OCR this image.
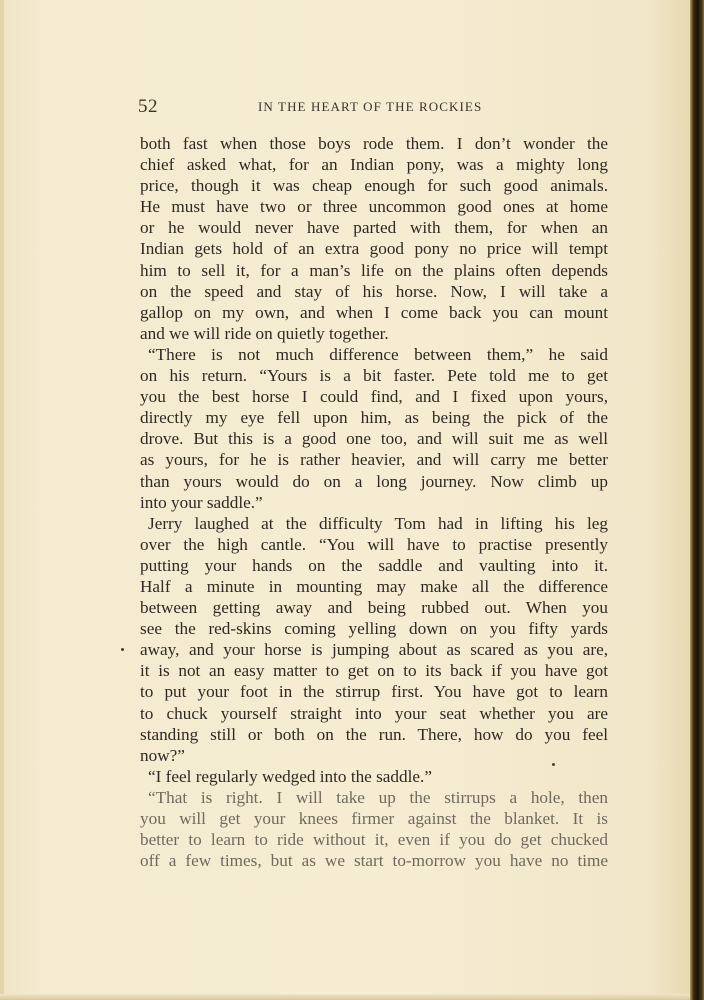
52	IN THE HEART OF THE ROCKIES
both fast when those boys rode them. I don’t wonder the
chief asked what, for an Indian pony, was a mighty long
price, though it was cheap enough for such good animals.
He must have two or three uncommon good ones at home
or he would never have parted with them, for when an
Indian gets hold of an extra good pony no price will tempt
him to sell it, for a man’s life on the plains often depends
on the speed and stay of his horse. Now, I will take a
gallop on my own, and when I come back you can mount
and we will ride on quietly together.
“There is not much difference between them,” he said
on his return. “Yours is a bit faster. Pete told me to get
you the best horse I could find, and I fixed upon yours,
directly my eye fell upon him, as being the pick of the
drove. But this is a good one too, and will suit me as well
as yours, for he is rather heavier, and will carry me better
than yours would do on a long journey. Now climb up
into your saddle.”
Jerry laughed at the difficulty Tom had in lifting his leg
over the high cantle. “You will have to practise presently
putting your hands on the saddle and vaulting into it.
Half a minute in mounting may make all the difference
between getting away and being rubbed out. When you
see the red-skins coming yelling down on you fifty yards
away, and your horse is jumping about as scared as you are,
it is not an easy matter to get on to its back if you have got
to put your foot in the stirrup first. You have got to learn
to chuck yourself straight into your seat whether you are
standing still or both on the run. There, how do you feel
now?”
“I feel regularly wedged into the saddle.”
“That is right. I will take up the stirrups a hole, then
you will get your knees firmer against the blanket. It is
better to learn to ride without it, even if you do get chucked
off a few times, but as we start to-morrow you have no time
